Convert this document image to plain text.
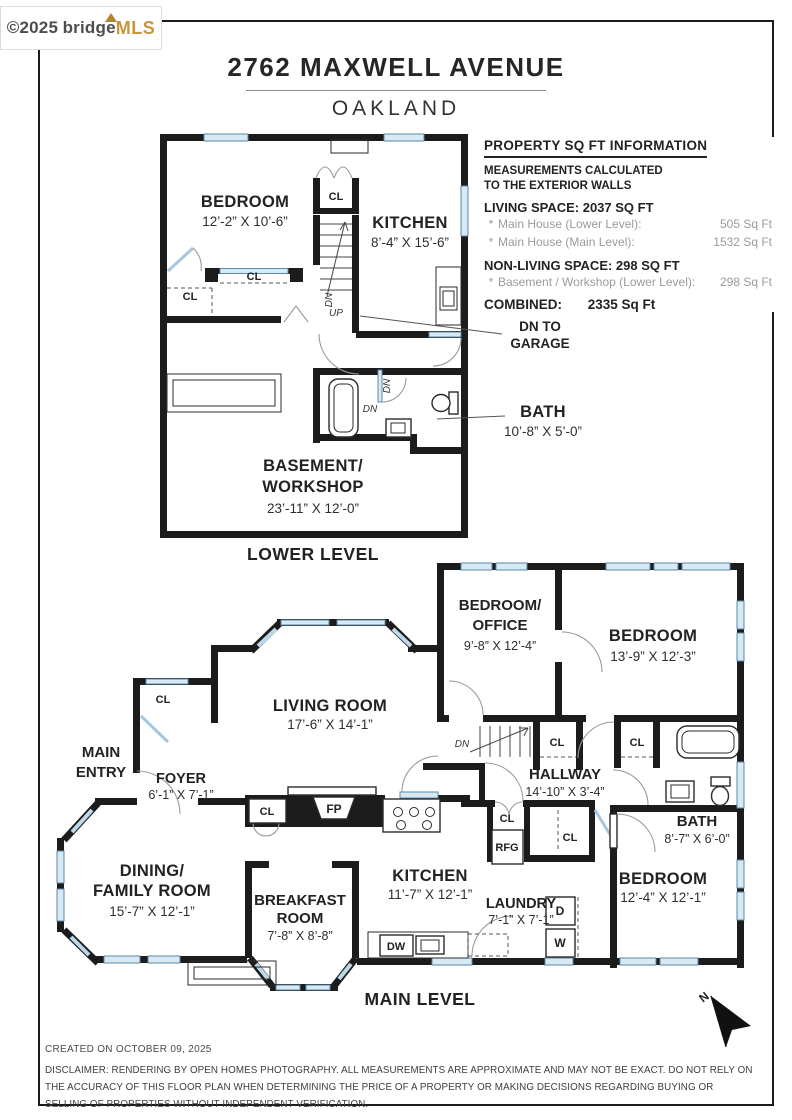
©2025
bridge MLS
2762 MAXWELL AVENUE
OAKLAND
PROPERTY SQ FT INFORMATION
MEASUREMENTS CALCULATED
TO THE EXTERIOR WALLS
LIVING SPACE: 2037 SQ FT
* Main House (Lower Level):	505 Sq Ft
* Main House (Main Level):	1532 Sq Ft
NON-LIVING SPACE: 298 SQ FT
* Basement / Workshop (Lower Level): 298 Sq Ft
COMBINED: 2335 Sq Ft
BEDROOM
12’-2” X 10’-6”	KITCHEN
8’-4” X 15’-6”
CL
CL
CL	DN
UP
DN
DN	BATH
10’-8” X 5’-0”
DN TO
GARAGE
BASEMENT/
WORKSHOP
23’-11” X 12’-0”
LOWER LEVEL
N
BEDROOM/
OFFICE
9’-8” X 12’-4”
BEDROOM
13’-9” X 12’-3”
LIVING ROOM
17’-6” X 14’-1”
MAIN
ENTRY FOYER
6’-1” X 7’-1”
HALLWAY
14’-10” X 3’-4”
BATH
8’-7” X 6’-0”
DINING/
FAMILY ROOM
15’-7” X 12’-1”
BREAKFAST
ROOM
7’-8” X 8’-8”
KITCHEN
11’-7” X 12’-1”
LAUNDRY
7’-1” X 7’-1”
BEDROOM
12’-4” X 12’-1”
DN	CL	CL
CL
CL
CL
CL
FP
RFG
DW
D
W
MAIN LEVEL
CREATED ON OCTOBER 09, 2025
DISCLAIMER: RENDERING BY OPEN HOMES PHOTOGRAPHY. ALL MEASUREMENTS ARE APPROXIMATE AND MAY NOT BE EXACT. DO NOT RELY ON THE ACCURACY OF THIS FLOOR PLAN WHEN DETERMINING THE PRICE OF A PROPERTY OR MAKING DECISIONS REGARDING BUYING OR SELLING OF PROPERTIES WITHOUT INDEPENDENT VERIFICATION.
